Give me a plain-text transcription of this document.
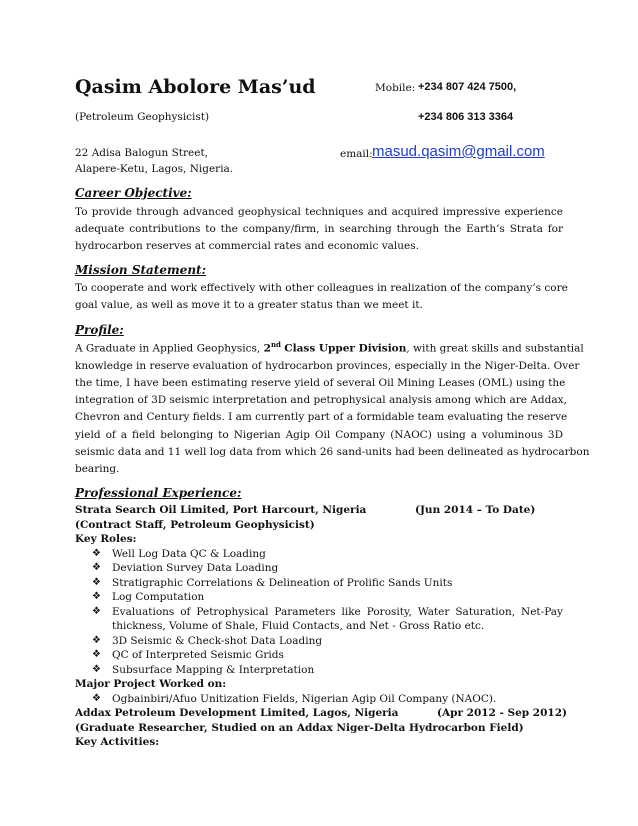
Qasim Abolore Mas’ud	Mobile: +234 807 424 7500,
(Petroleum Geophysicist)	+234 806 313 3364
22 Adisa Balogun Street,
Alapere-Ketu, Lagos, Nigeria.
email: masud.qasim@gmail.com
Career Objective:
To provide through advanced geophysical techniques and acquired impressive experience
adequate contributions to the company/firm, in searching through the Earth’s Strata for
hydrocarbon reserves at commercial rates and economic values.
Mission Statement:
To cooperate and work effectively with other colleagues in realization of the company’s core
goal value, as well as move it to a greater status than we meet it.
Profile:
A Graduate in Applied Geophysics, 2nd Class Upper Division, with great skills and substantial
knowledge in reserve evaluation of hydrocarbon provinces, especially in the Niger-Delta. Over
the time, I have been estimating reserve yield of several Oil Mining Leases (OML) using the
integration of 3D seismic interpretation and petrophysical analysis among which are Addax,
Chevron and Century fields. I am currently part of a formidable team evaluating the reserve
yield of a field belonging to Nigerian Agip Oil Company (NAOC) using a voluminous 3D
seismic data and 11 well log data from which 26 sand-units had been delineated as hydrocarbon
bearing.
Professional Experience:
Strata Search Oil Limited, Port Harcourt, Nigeria	(Jun 2014 – To Date)
(Contract Staff, Petroleum Geophysicist)
Key Roles:
❖ Well Log Data QC & Loading
❖ Deviation Survey Data Loading
❖ Stratigraphic Correlations & Delineation of Prolific Sands Units
❖ Log Computation
❖ Evaluations of Petrophysical Parameters like Porosity, Water Saturation, Net-Pay
thickness, Volume of Shale, Fluid Contacts, and Net - Gross Ratio etc.
❖ 3D Seismic & Check-shot Data Loading
❖ QC of Interpreted Seismic Grids
❖ Subsurface Mapping & Interpretation
Major Project Worked on:
❖ Ogbainbiri/Afuo Unitization Fields, Nigerian Agip Oil Company (NAOC).
Addax Petroleum Development Limited, Lagos, Nigeria	(Apr 2012 - Sep 2012)
(Graduate Researcher, Studied on an Addax Niger-Delta Hydrocarbon Field)
Key Activities:
